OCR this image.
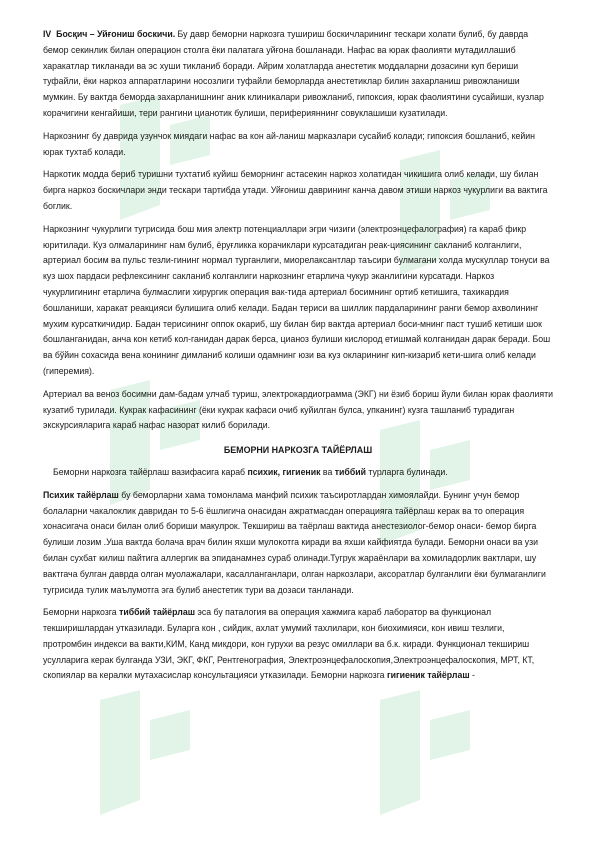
IV Босқич – Уйғониш боскичи. Бу давр беморни наркозга тушириш боскичларининг тескари холати булиб, бу даврда бемор секинлик билан операцион столга ёки палатага уйғона бошланади. Нафас ва юрак фаолияти мутадиллашиб харакатлар тикланади ва эс хуши тикланиб боради. Айрим холатларда анестетик моддаларни дозасини куп бериши туфайли, ёки наркоз аппаратларини носозлиги туфайли беморларда анестетиклар билин захарланиш ривожланиши мумкин. Бу вактда беморда захарланишнинг аник клиникалари ривожланиб, гипоксия, юрак фаолиятини сусайиши, кузлар корачигини кенгайиши, тери рангини цианотик булиши, периферияннинг совуклашиши кузатилади.

Наркознинг бу даврида узунчок миядаги нафас ва кон ай-ланиш марказлари сусайиб колади; гипоксия бошланиб, кейин юрак тухтаб колади.

Наркотик модда бериб туришни тухтатиб куйиш беморнинг астасекин наркоз холатидан чикишига олиб келади, шу билан бирга наркоз боскичлари энди тескари тартибда утади. Уйғониш даврининг канча давом этиши наркоз чукурлиги ва вактига боглик.

Наркознинг чукурлиги тугрисида бош мия электр потенциаллари эгри чизиги (электроэнцефалография) га караб фикр юритилади. Куз олмаларининг нам булиб, ёруғликка корачиклари курсатадиган реак-циясининг сакланиб колганлиги, артериал босим ва пульс тезли-гининг нормал турганлиги, миорелаксантлар таъсири булмагани холда мускуллар тонуси ва куз шох пардаси рефлексининг сакланиб колганлиги наркознинг етарлича чукур эканлигини курсатади. Наркоз чукурлигининг етарлича булмаслиги хирургик операция вак-тида артериал босимнинг ортиб кетишига, тахикардия бошланиши, харакат реакцияси булишига олиб келади. Бадан териси ва шиллик пардаларининг ранги бемор ахволининг мухим курсаткичидир. Бадан терисининг оппок окариб, шу билан бир вактда артериал боси-мнинг паст тушиб кетиши шок бошланганидан, анча кон кетиб кол-ганидан дарак берса, цианоз булиши кислород етишмай колганидан дарак беради. Бош ва бўйин сохасида вена конининг димланиб колиши одамнинг юзи ва куз окларининг кип-кизариб кети-шига олиб келади (гиперемия).

Артериал ва веноз босимни дам-бадам улчаб туриш, электрокардиограмма (ЭКГ) ни ёзиб бориш йули билан юрак фаолияти кузатиб турилади. Кукрак кафасининг (ёки кукрак кафаси очиб куйилган булса, упканинг) кузга ташланиб турадиган экскурсияларига караб нафас назорат килиб борилади.

БЕМОРНИ НАРКОЗГА ТАЙЁРЛАШ

Беморни наркозга тайёрлаш вазифасига караб психик, гигиеник ва тиббий турларга булинади.

Психик тайёрлаш бу беморларни хама томонлама манфий психик таъсиротлардан химоялайди. Бунинг учун бемор болаларни чакалоклик давридан то 5-6 ёшлигича онасидан ажратмасдан операцияга тайёрлаш керак ва то операция хонасигача онаси билан олиб бориши макулрок. Текшириш ва таёрлаш вактида анестезиолог-бемор онаси- бемор бирга булиши лозим .Уша вактда болача врач билин яхши мулокотга киради ва яхши кайфиятда булади. Беморни онаси ва узи билан сухбат килиш пайтига аллергик ва эпиданамнез сураб олинади.Тугрук жараёнлари ва хомиладорлик вактлари, шу вактгача булган даврда олган муолажалари, касалланганлари, олган наркозлари, аксоратлар булганлиги ёки булмаганлиги тугрисида тулик маълумотга эга булиб анестетик тури ва дозаси танланади.

Беморни наркозга тиббий тайёрлаш эса бу паталогия ва операция хажмига караб лаборатор ва функционал текширишлардан утказилади. Буларга кон , сийдик, ахлат умумий тахлилари, кон биохимияси, кон ивиш тезлиги, протромбин индекси ва вакти,КИМ, Канд микдори, кон гурухи ва резус омиллари ва б.к. киради. Функционал текшириш усулларига керак булганда УЗИ, ЭКГ, ФКГ, Рентгенография, Электроэнцефалоскопия,Электроэнцефалоскопия, МРТ, КТ, скопиялар ва кералки мутахасислар консультацияси утказилади. Беморни наркозга гигиеник тайёрлаш -
